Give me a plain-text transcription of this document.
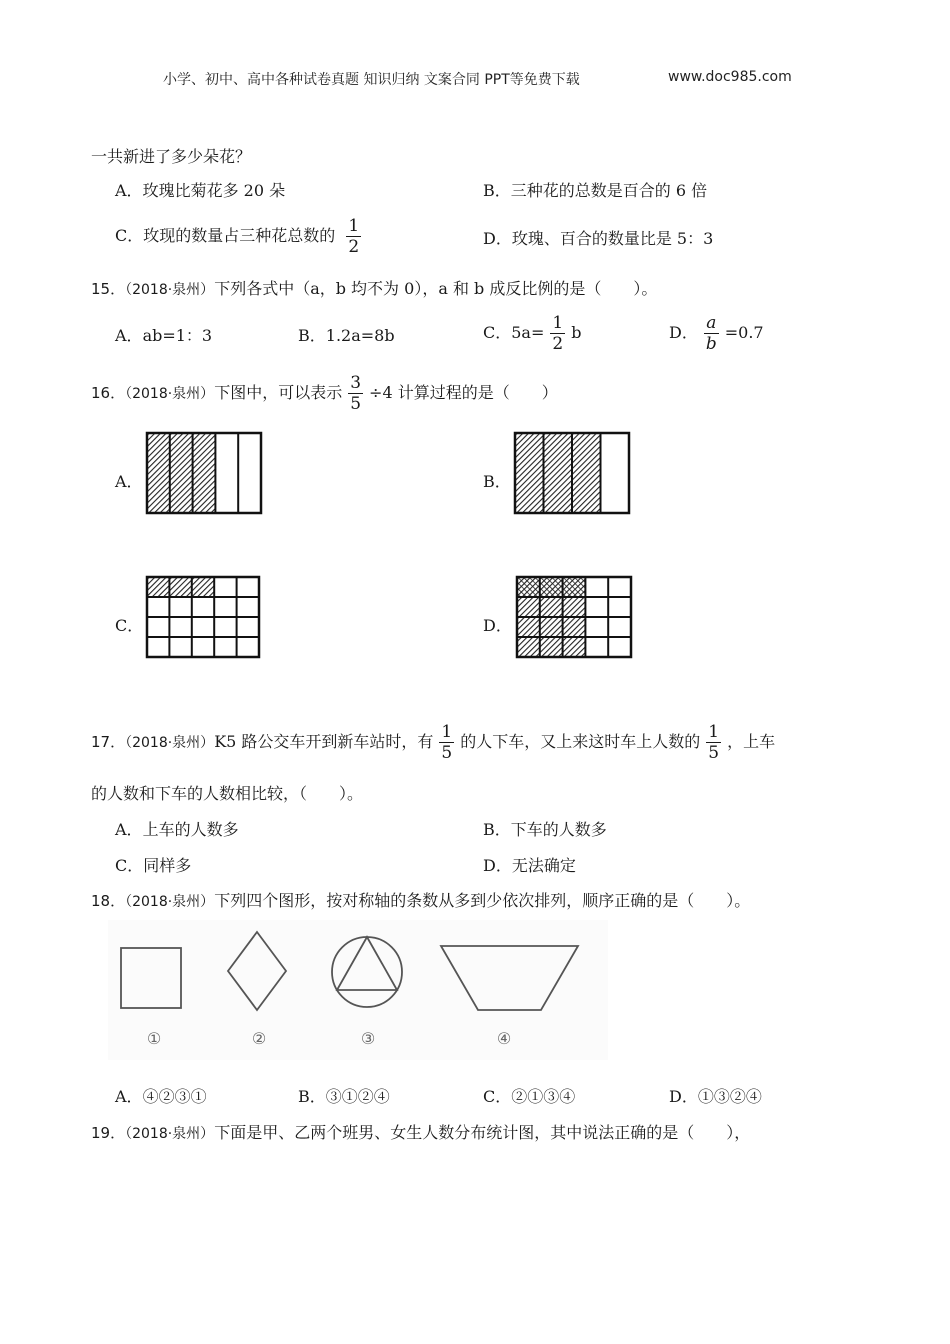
小学、初中、高中各种试卷真题 知识归纳 文案合同 PPT等免费下载	www.doc985.com
一共新进了多少朵花？
A．玫瑰比菊花多 20 朵	B．三种花的总数是百合的 6 倍
C．玫现的数量占三种花总数的 $\frac{1}{2}$	D．玫瑰、百合的数量比是 5：3
15．（2018·泉州）下列各式中（a，b 均不为 0），a 和 b 成反比例的是（　　）。
A．ab=1：3	B．1.2a=8b	C．$5a= \frac{1}{2}$ b	D． $\frac{a}{b} =0.7$
16．（2018·泉州）下图中，可以表示 $\frac{3}{5} \div 4$ 计算过程的是（　　）
A．	B．
C．	D．
17．（2018·泉州）K5 路公交车开到新车站时，有 $\frac{1}{5}$ 的人下车，又上来这时车上人数的 $\frac{1}{5}$ ，上车
的人数和下车的人数相比较，（　　）。
A．上车的人数多	B．下车的人数多
C．同样多	D．无法确定
18．（2018·泉州）下列四个图形，按对称轴的条数从多到少依次排列，顺序正确的是（　　）。
①	②	③	④
A．④②③①	B．③①②④	C．②①③④	D．①③②④
19．（2018·泉州）下面是甲、乙两个班男、女生人数分布统计图，其中说法正确的是（　　），
